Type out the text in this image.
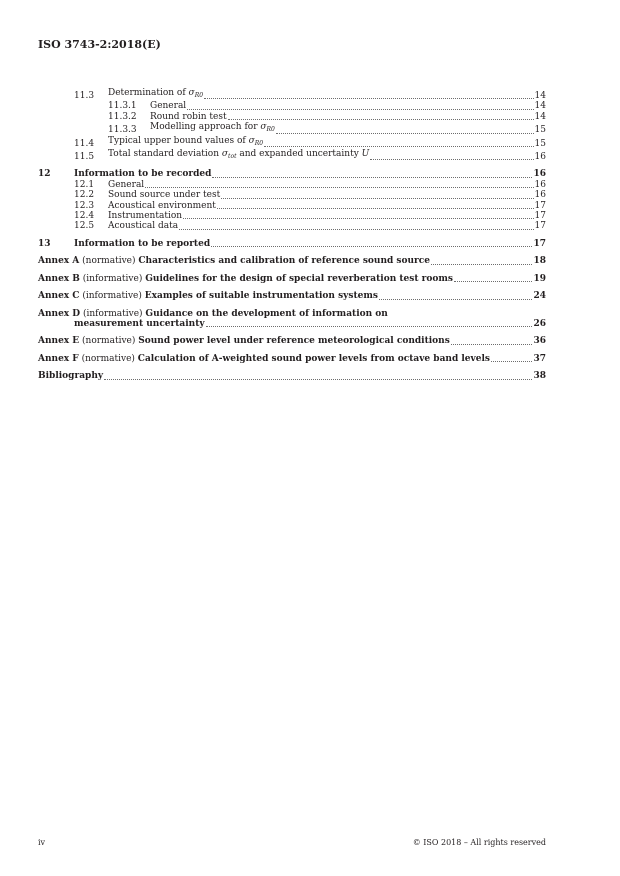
ISO 3743-2:2018(E)
11.3	Determination of $\sigma_{R0}$	14
11.3.1	General	14
11.3.2	Round robin test	14
11.3.3	Modelling approach for $\sigma_{R0}$	15
11.4	Typical upper bound values of $\sigma_{R0}$	15
11.5	Total standard deviation $\sigma_{tot}$ and expanded uncertainty U	16
12	Information to be recorded	16
12.1	General	16
12.2	Sound source under test	16
12.3	Acoustical environment	17
12.4	Instrumentation	17
12.5	Acoustical data	17
13	Information to be reported	17
Annex A (normative) Characteristics and calibration of reference sound source	18
Annex B (informative) Guidelines for the design of special reverberation test rooms	19
Annex C (informative) Examples of suitable instrumentation systems	24
Annex D (informative) Guidance on the development of information on
measurement uncertainty	26
Annex E (normative) Sound power level under reference meteorological conditions	36
Annex F (normative) Calculation of A-weighted sound power levels from octave band levels	37
Bibliography	38
iv	© ISO 2018 – All rights reserved
